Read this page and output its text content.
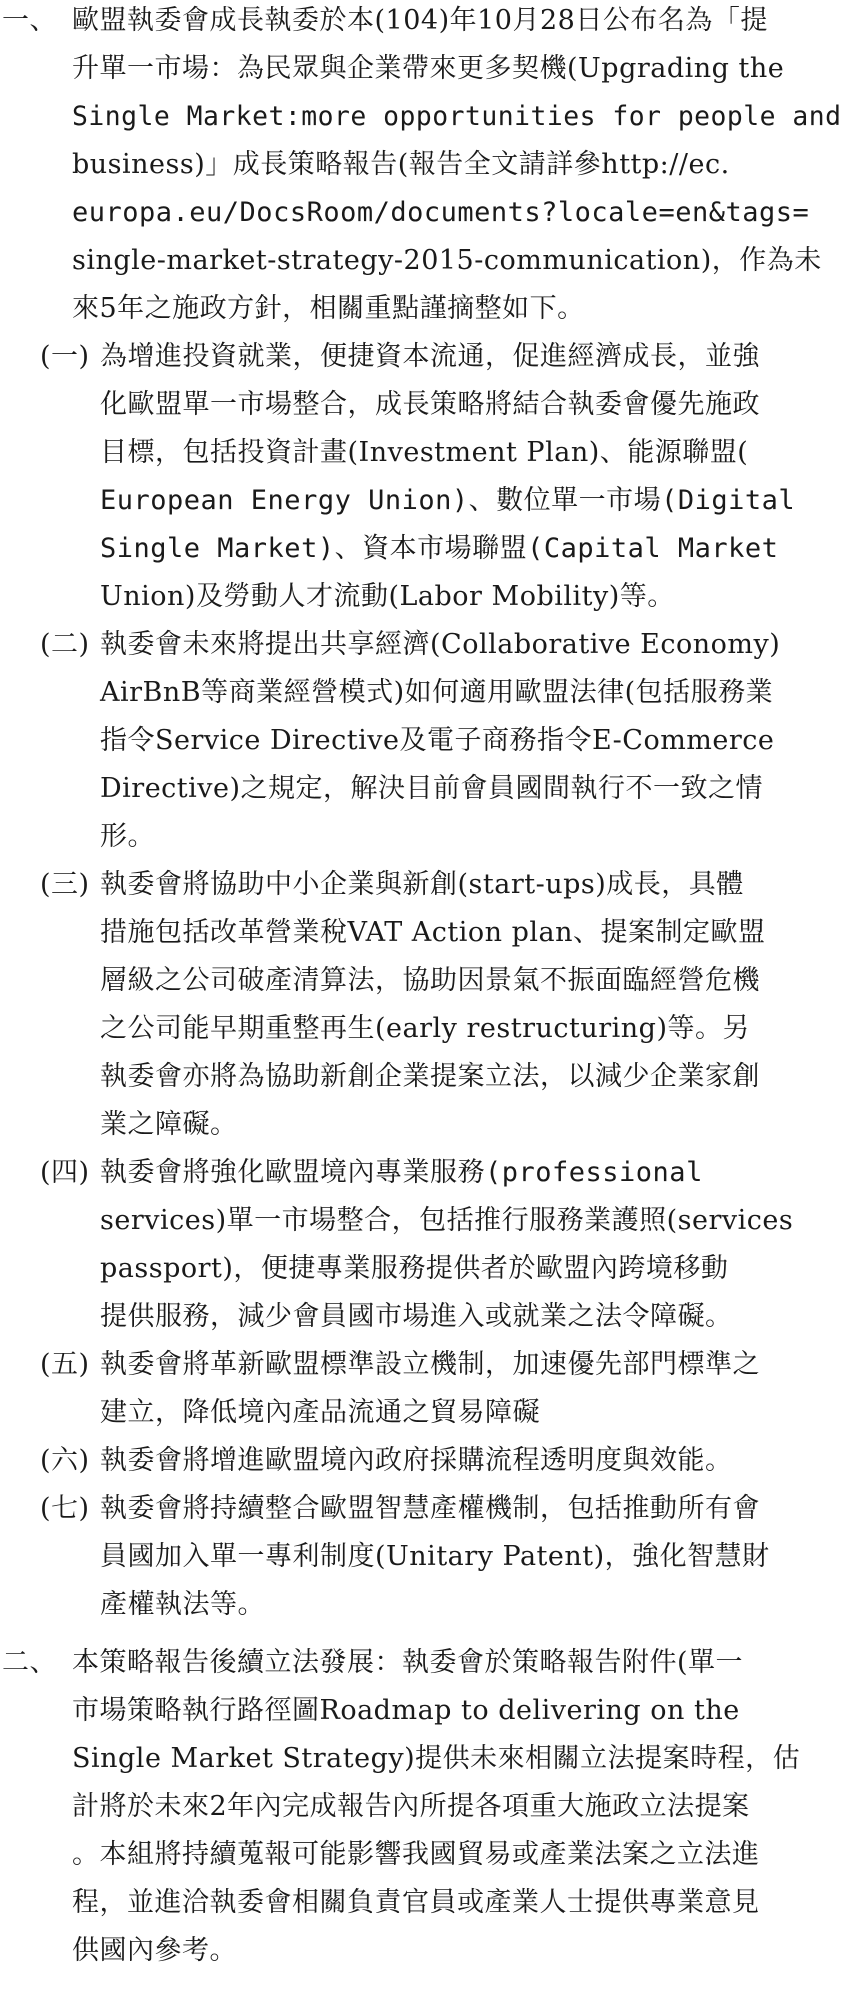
一、 歐盟執委會成長執委於本(104)年10月28日公布名為「提
升單一市場：為民眾與企業帶來更多契機(Upgrading the
Single Market:more opportunities for people and
business)」成長策略報告(報告全文請詳參http://ec.
europa.eu/DocsRoom/documents?locale=en&tags=
single-market-strategy-2015-communication)，作為未
來5年之施政方針，相關重點謹摘整如下。
(一) 為增進投資就業，便捷資本流通，促進經濟成長，並強
化歐盟單一市場整合，成長策略將結合執委會優先施政
目標，包括投資計畫(Investment Plan)、能源聯盟(
European Energy Union)、數位單一市場(Digital
Single Market)、資本市場聯盟(Capital Market
Union)及勞動人才流動(Labor Mobility)等。
(二) 執委會未來將提出共享經濟(Collaborative Economy)
AirBnB等商業經營模式)如何適用歐盟法律(包括服務業
指令Service Directive及電子商務指令E-Commerce
Directive)之規定，解決目前會員國間執行不一致之情
形。
(三) 執委會將協助中小企業與新創(start-ups)成長，具體
措施包括改革營業稅VAT Action plan、提案制定歐盟
層級之公司破產清算法，協助因景氣不振面臨經營危機
之公司能早期重整再生(early restructuring)等。另
執委會亦將為協助新創企業提案立法，以減少企業家創
業之障礙。
(四) 執委會將強化歐盟境內專業服務(professional
services)單一市場整合，包括推行服務業護照(services
passport)，便捷專業服務提供者於歐盟內跨境移動
提供服務，減少會員國市場進入或就業之法令障礙。
(五) 執委會將革新歐盟標準設立機制，加速優先部門標準之
建立，降低境內產品流通之貿易障礙
(六) 執委會將增進歐盟境內政府採購流程透明度與效能。
(七) 執委會將持續整合歐盟智慧產權機制，包括推動所有會
員國加入單一專利制度(Unitary Patent)，強化智慧財
產權執法等。
二、 本策略報告後續立法發展：執委會於策略報告附件(單一
市場策略執行路徑圖Roadmap to delivering on the
Single Market Strategy)提供未來相關立法提案時程，估
計將於未來2年內完成報告內所提各項重大施政立法提案
。本組將持續蒐報可能影響我國貿易或產業法案之立法進
程，並進洽執委會相關負責官員或產業人士提供專業意見
供國內參考。
